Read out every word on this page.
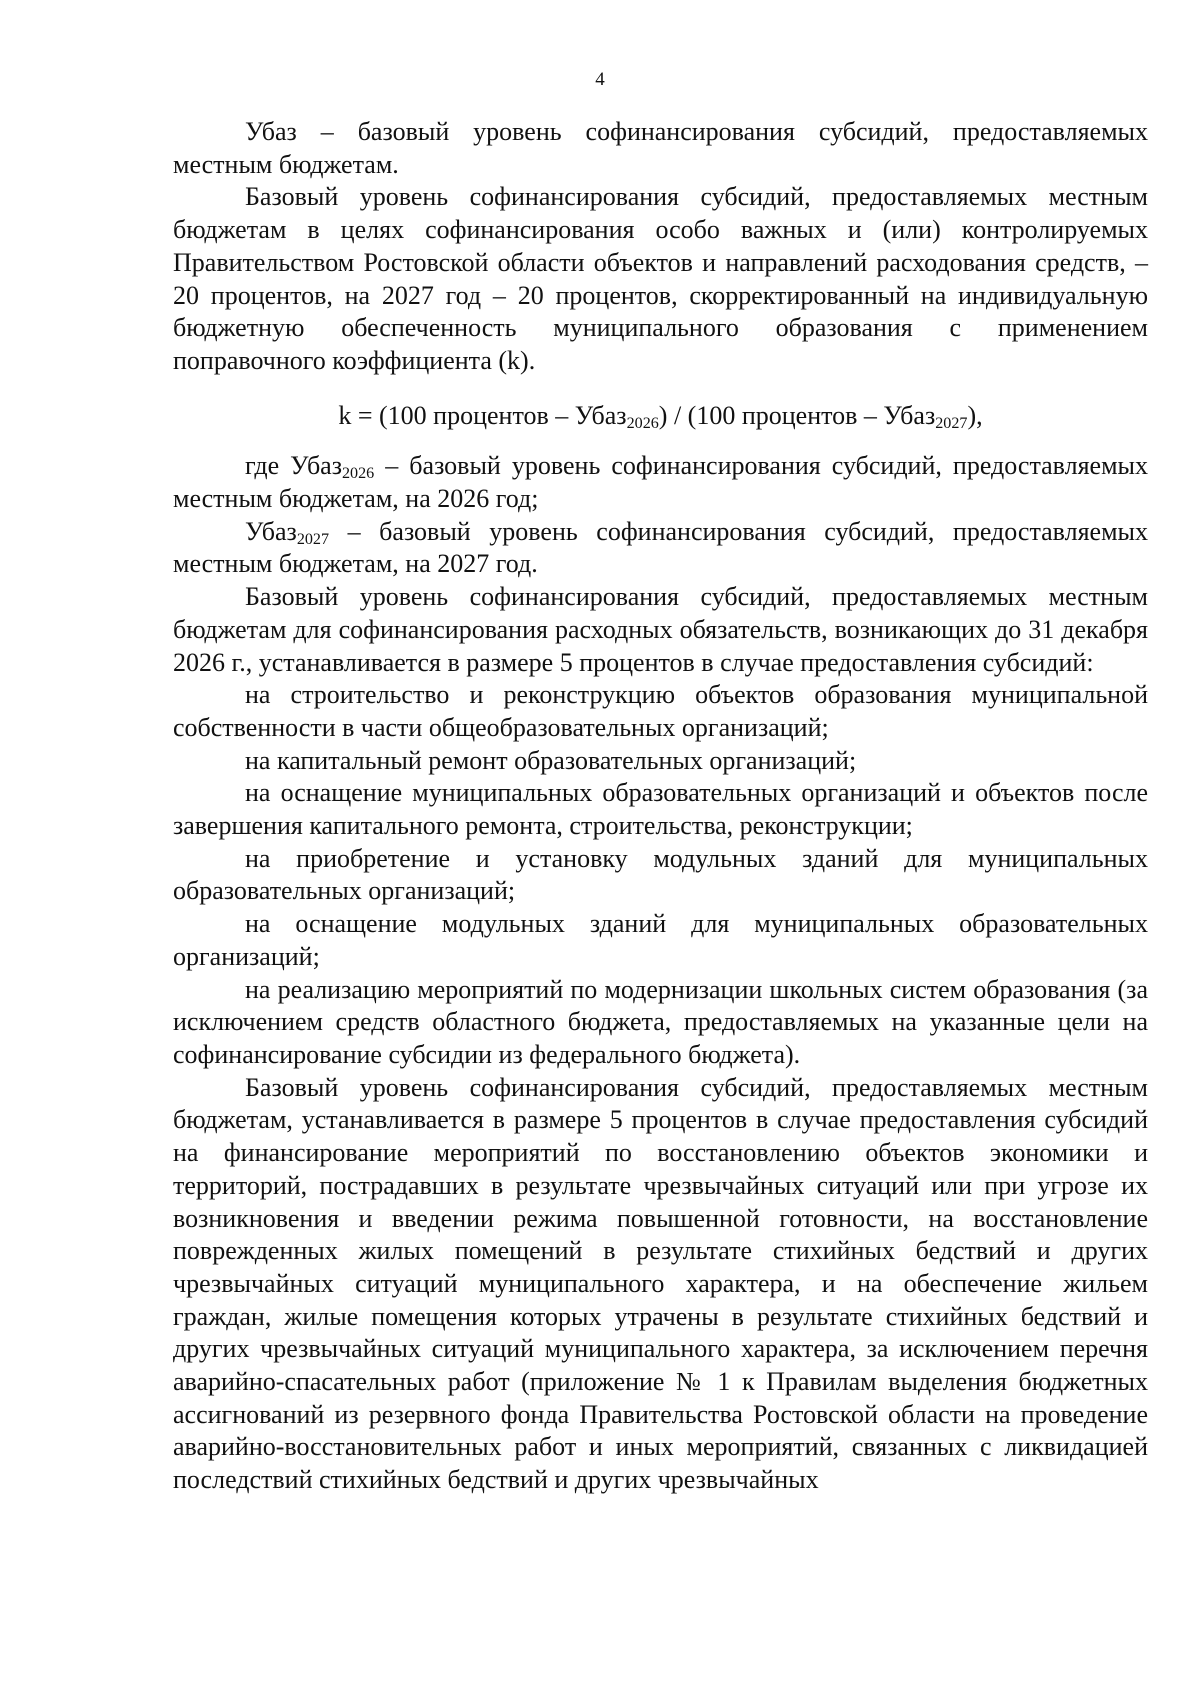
4

Убаз – базовый уровень софинансирования субсидий, предоставляемых местным бюджетам.

Базовый уровень софинансирования субсидий, предоставляемых местным бюджетам в целях софинансирования особо важных и (или) контролируемых Правительством Ростовской области объектов и направлений расходования средств, – 20 процентов, на 2027 год – 20 процентов, скорректированный на индивидуальную бюджетную обеспеченность муниципального образования с применением поправочного коэффициента (k).

k = (100 процентов – Убаз$_{2026}$) / (100 процентов – Убаз$_{2027}$),

где Убаз$_{2026}$ – базовый уровень софинансирования субсидий, предоставляемых местным бюджетам, на 2026 год;

Убаз$_{2027}$ – базовый уровень софинансирования субсидий, предоставляемых местным бюджетам, на 2027 год.

Базовый уровень софинансирования субсидий, предоставляемых местным бюджетам для софинансирования расходных обязательств, возникающих до 31 декабря 2026 г., устанавливается в размере 5 процентов в случае предоставления субсидий:

на строительство и реконструкцию объектов образования муниципальной собственности в части общеобразовательных организаций;

на капитальный ремонт образовательных организаций;

на оснащение муниципальных образовательных организаций и объектов после завершения капитального ремонта, строительства, реконструкции;

на приобретение и установку модульных зданий для муниципальных образовательных организаций;

на оснащение модульных зданий для муниципальных образовательных организаций;

на реализацию мероприятий по модернизации школьных систем образования (за исключением средств областного бюджета, предоставляемых на указанные цели на софинансирование субсидии из федерального бюджета).

Базовый уровень софинансирования субсидий, предоставляемых местным бюджетам, устанавливается в размере 5 процентов в случае предоставления субсидий на финансирование мероприятий по восстановлению объектов экономики и территорий, пострадавших в результате чрезвычайных ситуаций или при угрозе их возникновения и введении режима повышенной готовности, на восстановление поврежденных жилых помещений в результате стихийных бедствий и других чрезвычайных ситуаций муниципального характера, и на обеспечение жильем граждан, жилые помещения которых утрачены в результате стихийных бедствий и других чрезвычайных ситуаций муниципального характера, за исключением перечня аварийно-спасательных работ (приложение № 1 к Правилам выделения бюджетных ассигнований из резервного фонда Правительства Ростовской области на проведение аварийно-восстановительных работ и иных мероприятий, связанных с ликвидацией последствий стихийных бедствий и других чрезвычайных
